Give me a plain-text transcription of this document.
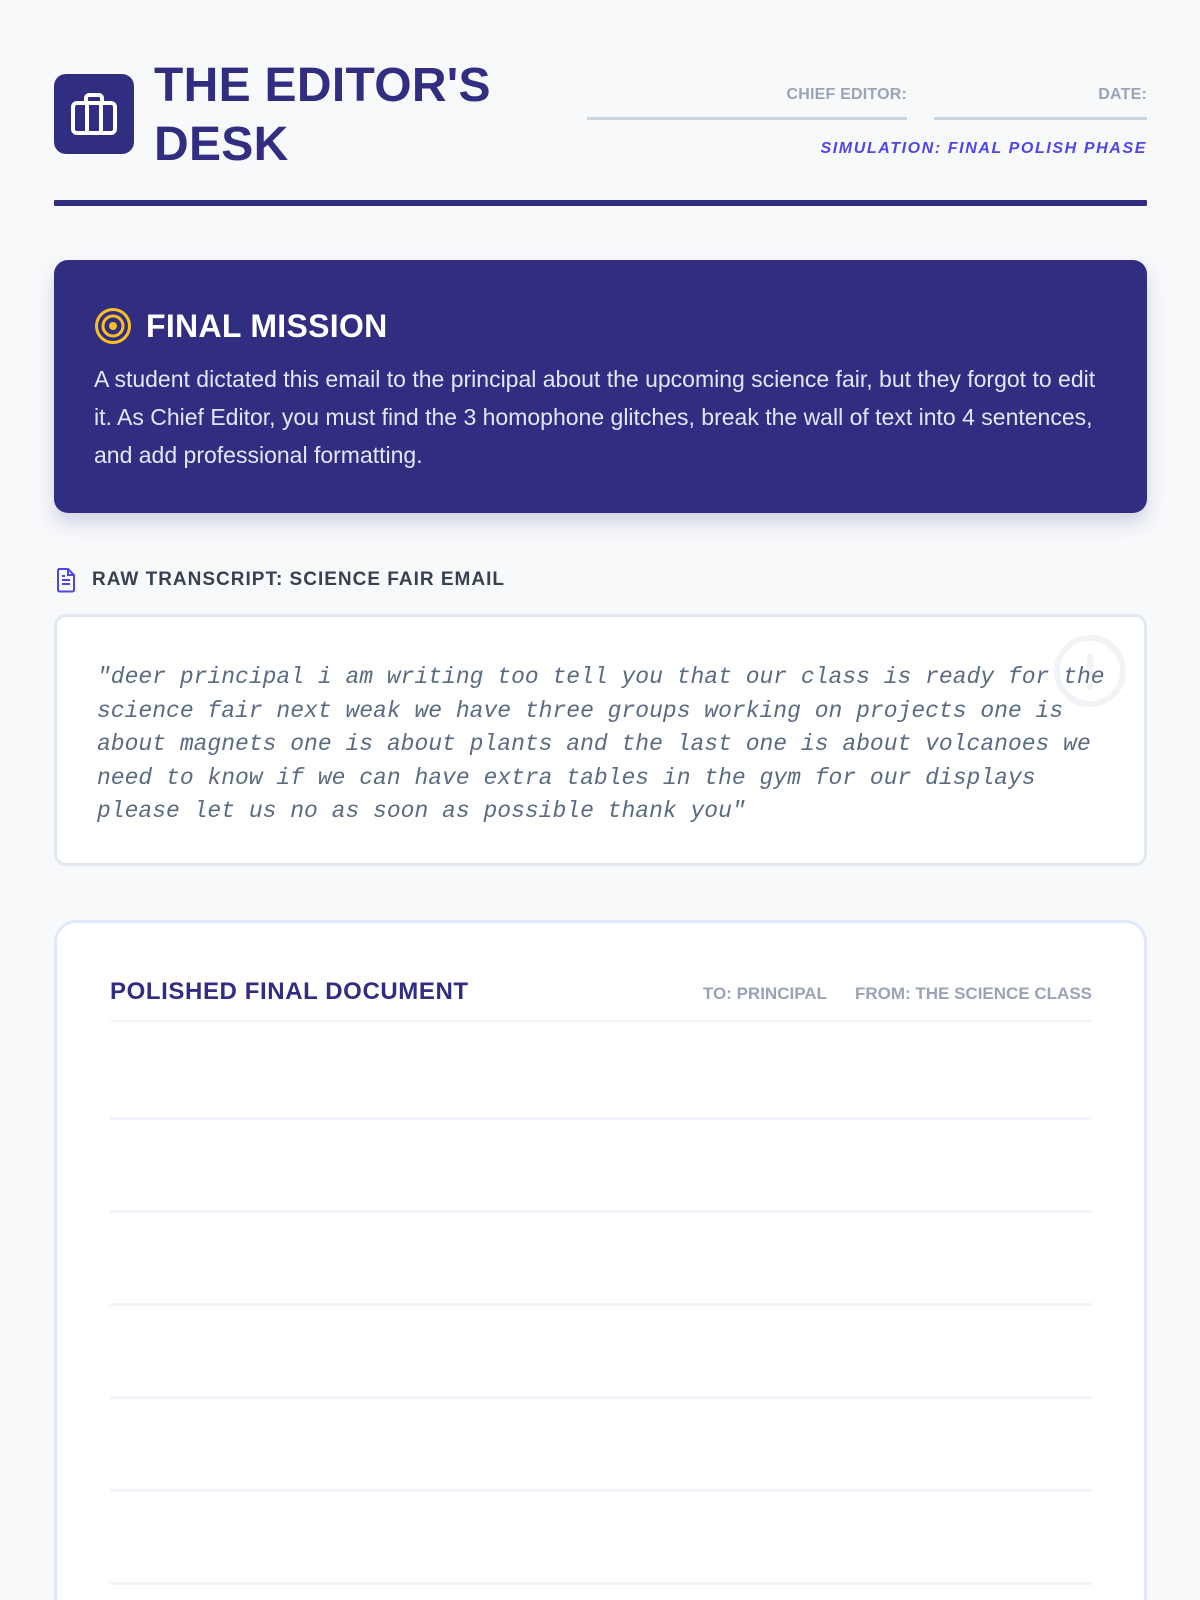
THE EDITOR'S DESK
CHIEF EDITOR:	DATE:
SIMULATION: FINAL POLISH PHASE
FINAL MISSION

A student dictated this email to the principal about the upcoming science fair, but they forgot to edit it. As Chief Editor, you must find the 3 homophone glitches, break the wall of text into 4 sentences, and add professional formatting.

RAW TRANSCRIPT: SCIENCE FAIR EMAIL

"deer principal i am writing too tell you that our class is ready for the science fair next weak we have three groups working on projects one is about magnets one is about plants and the last one is about volcanoes we need to know if we can have extra tables in the gym for our displays please let us no as soon as possible thank you"

POLISHED FINAL DOCUMENT	TO: PRINCIPAL FROM: THE SCIENCE CLASS
